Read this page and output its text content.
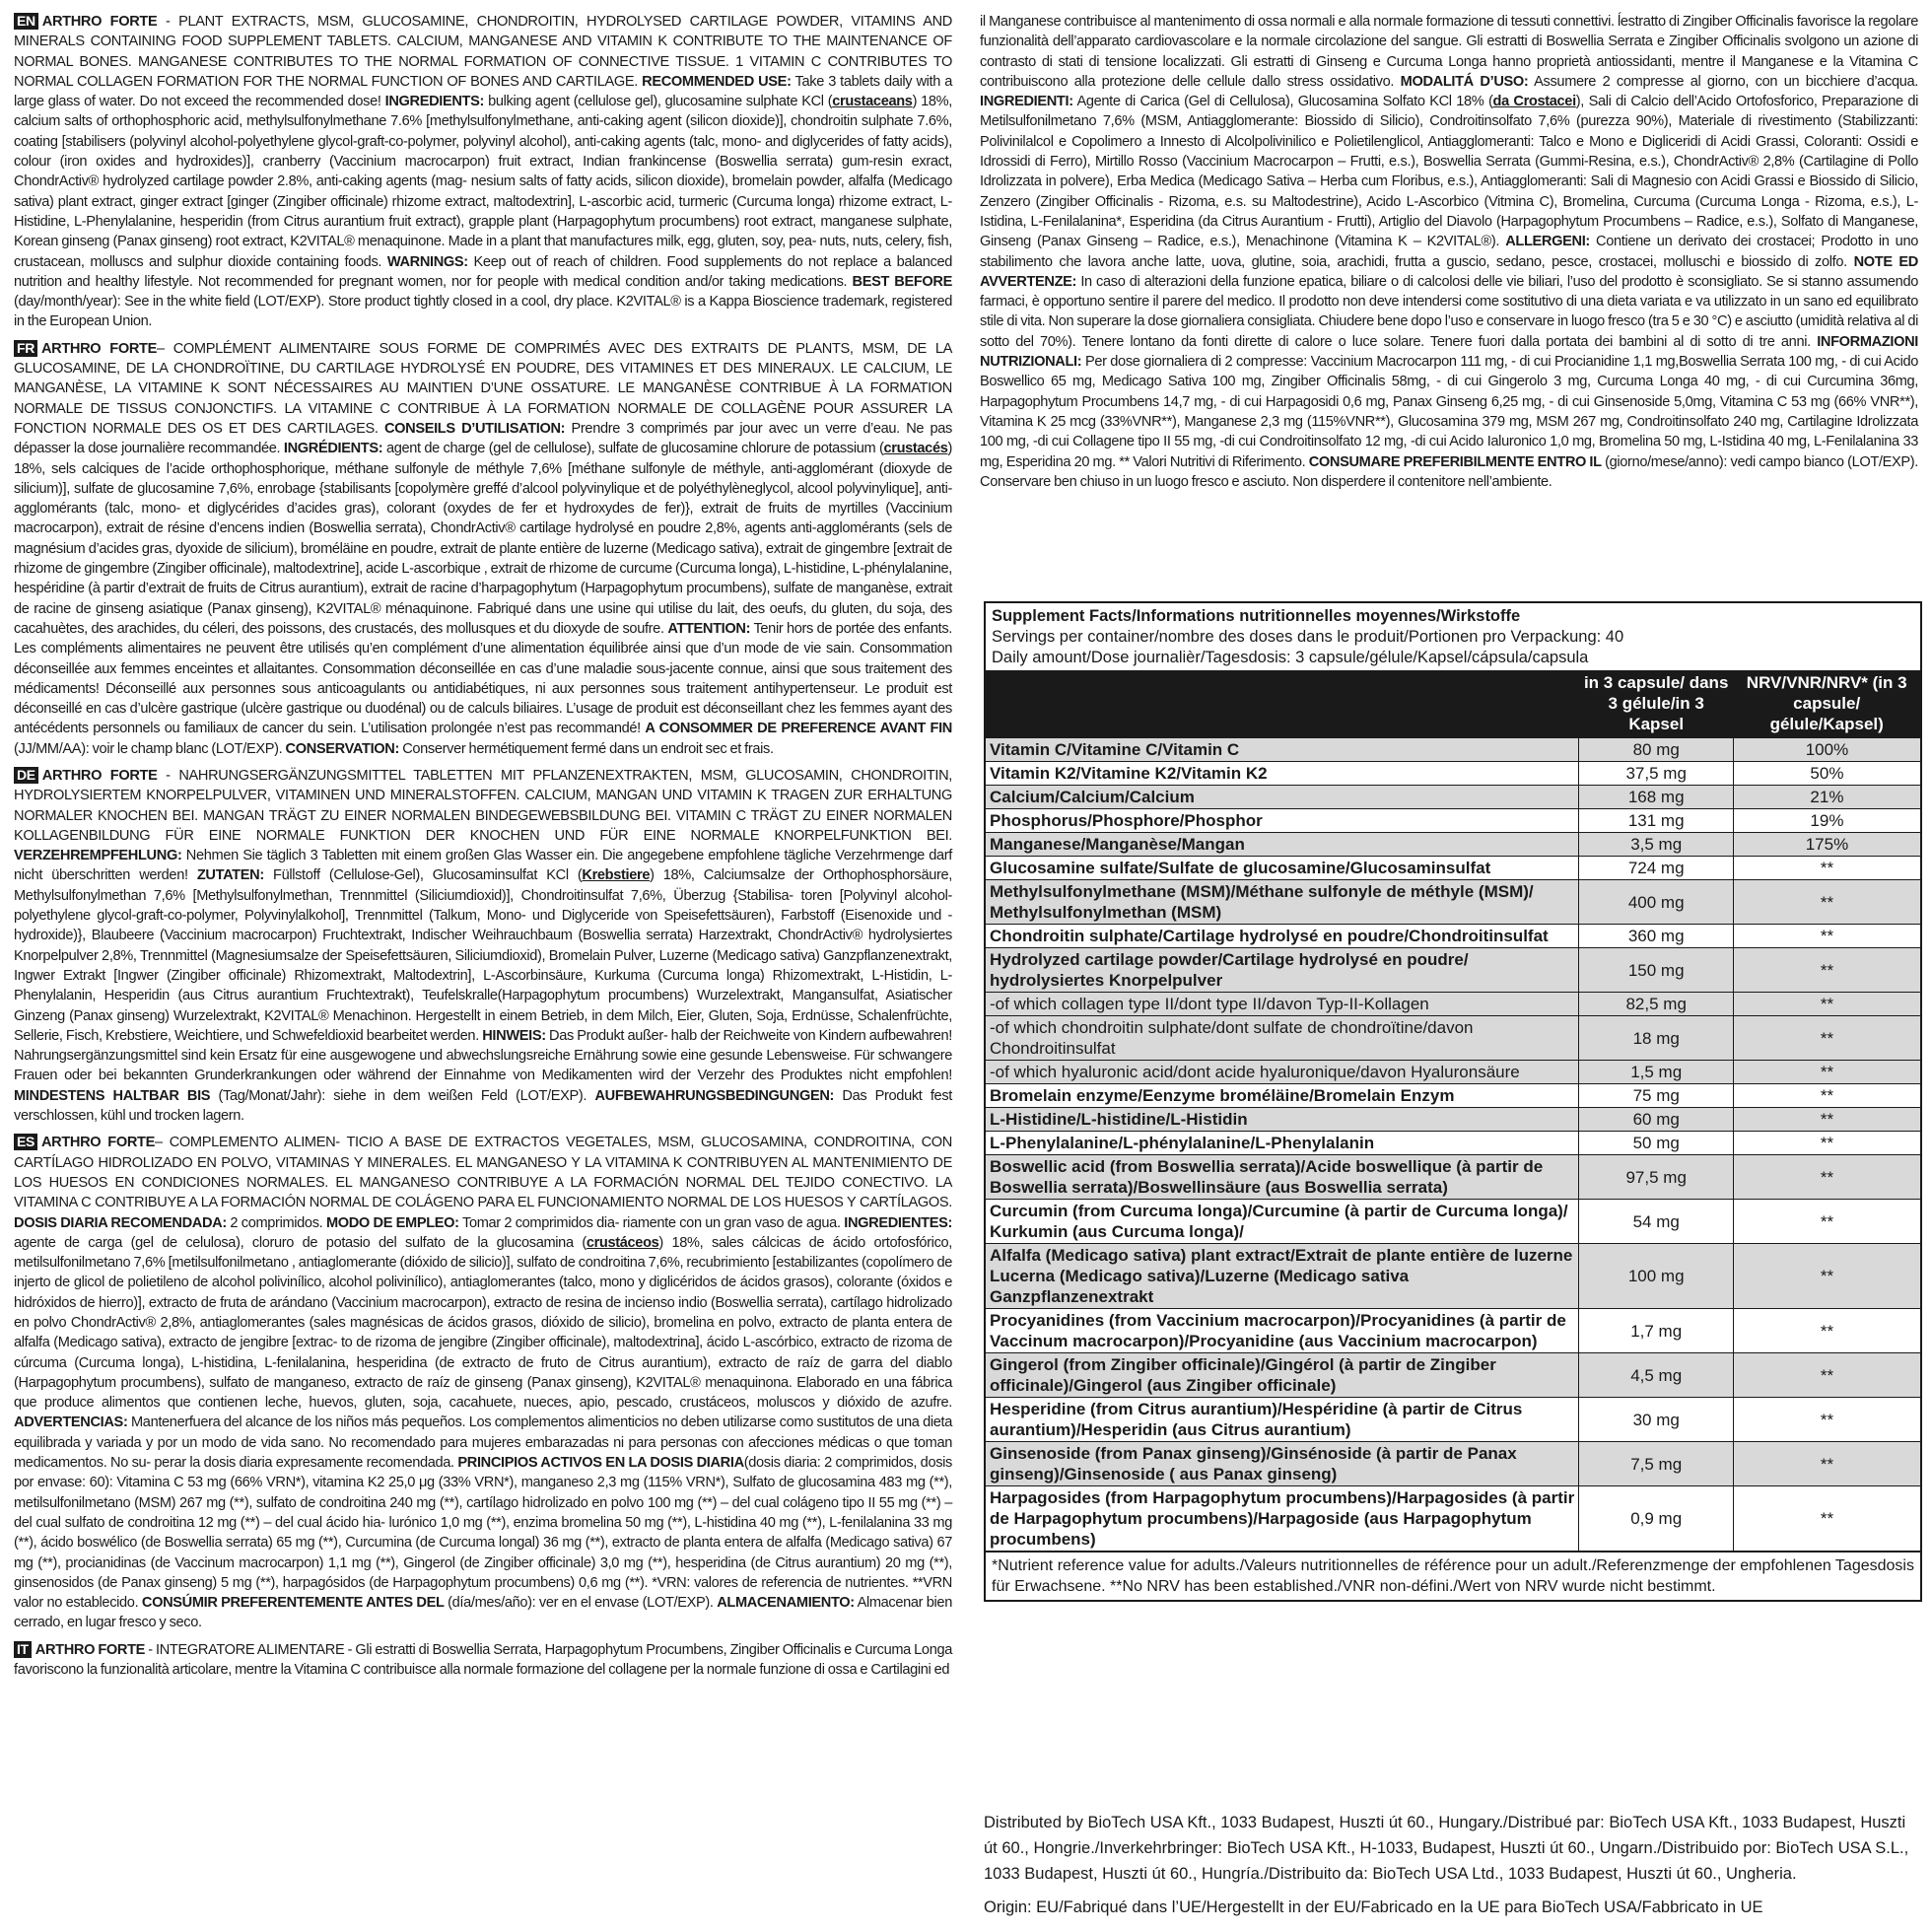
EN ARTHRO FORTE - PLANT EXTRACTS, MSM, GLUCOSAMINE, CHONDROITIN, HYDROLYSED CARTILAGE POWDER, VITAMINS AND MINERALS CONTAINING FOOD SUPPLEMENT TABLETS. CALCIUM, MANGANESE AND VITAMIN K CONTRIBUTE TO THE MAINTENANCE OF NORMAL BONES. MANGANESE CONTRIBUTES TO THE NORMAL FORMATION OF CONNECTIVE TISSUE. 1 VITAMIN C CONTRIBUTES TO NORMAL COLLAGEN FORMATION FOR THE NORMAL FUNCTION OF BONES AND CARTILAGE. RECOMMENDED USE: Take 3 tablets daily with a large glass of water. Do not exceed the recommended dose! INGREDIENTS: bulking agent (cellulose gel), glucosamine sulphate KCl (crustaceans) 18%, calcium salts of orthophosphoric acid, methylsulfonylmethane 7.6% [methylsulfonylmethane, anti-caking agent (silicon dioxide)], chondroitin sulphate 7.6%, coating [stabilisers (polyvinyl alcohol-polyethylene glycol-graft-co-polymer, polyvinyl alcohol), anti-caking agents (talc, mono- and diglycerides of fatty acids), colour (iron oxides and hydroxides)], cranberry (Vaccinium macrocarpon) fruit extract, Indian frankincense (Boswellia serrata) gum-resin exract, ChondrActiv® hydrolyzed cartilage powder 2.8%, anti-caking agents (mag- nesium salts of fatty acids, silicon dioxide), bromelain powder, alfalfa (Medicago sativa) plant extract, ginger extract [ginger (Zingiber officinale) rhizome extract, maltodextrin], L-ascorbic acid, turmeric (Curcuma longa) rhizome extract, L-Histidine, L-Phenylalanine, hesperidin (from Citrus aurantium fruit extract), grapple plant (Harpagophytum procumbens) root extract, manganese sulphate, Korean ginseng (Panax ginseng) root extract, K2VITAL® menaquinone. Made in a plant that manufactures milk, egg, gluten, soy, pea- nuts, nuts, celery, fish, crustacean, molluscs and sulphur dioxide containing foods. WARNINGS: Keep out of reach of children. Food supplements do not replace a balanced nutrition and healthy lifestyle. Not recommended for pregnant women, nor for people with medical condition and/or taking medications. BEST BEFORE (day/month/year): See in the white field (LOT/EXP). Store product tightly closed in a cool, dry place. K2VITAL® is a Kappa Bioscience trademark, registered in the European Union.

FR ARTHRO FORTE– COMPLÉMENT ALIMENTAIRE SOUS FORME DE COMPRIMÉS AVEC DES EXTRAITS DE PLANTS, MSM, DE LA GLUCOSAMINE, DE LA CHONDROÏTINE, DU CARTILAGE HYDROLYSÉ EN POUDRE, DES VITAMINES ET DES MINERAUX. LE CALCIUM, LE MANGANÈSE, LA VITAMINE K SONT NÉCESSAIRES AU MAINTIEN D’UNE OSSATURE. LE MANGANÈSE CONTRIBUE À LA FORMATION NORMALE DE TISSUS CONJONCTIFS. LA VITAMINE C CONTRIBUE À LA FORMATION NORMALE DE COLLAGÈNE POUR ASSURER LA FONCTION NORMALE DES OS ET DES CARTILAGES. CONSEILS D’UTILISATION: Prendre 3 comprimés par jour avec un verre d’eau. Ne pas dépasser la dose journalière recommandée. INGRÉDIENTS: agent de charge (gel de cellulose), sulfate de glucosamine chlorure de potassium (crustacés) 18%, sels calciques de l’acide orthophosphorique, méthane sulfonyle de méthyle 7,6% [méthane sulfonyle de méthyle, anti-agglomérant (dioxyde de silicium)], sulfate de glucosamine 7,6%, enrobage {stabilisants [copolymère greffé d’alcool polyvinylique et de polyéthylèneglycol, alcool polyvinylique], anti-agglomérants (talc, mono- et diglycérides d’acides gras), colorant (oxydes de fer et hydroxydes de fer)}, extrait de fruits de myrtilles (Vaccinium macrocarpon), extrait de résine d’encens indien (Boswellia serrata), ChondrActiv® cartilage hydrolysé en poudre 2,8%, agents anti-agglomérants (sels de magnésium d’acides gras, dyoxide de silicium), broméläine en poudre, extrait de plante entière de luzerne (Medicago sativa), extrait de gingembre [extrait de rhizome de gingembre (Zingiber officinale), maltodextrine], acide L-ascorbique , extrait de rhizome de curcume (Curcuma longa), L-histidine, L-phénylalanine, hespéridine (à partir d’extrait de fruits de Citrus aurantium), extrait de racine d’harpagophytum (Harpagophytum procumbens), sulfate de manganèse, extrait de racine de ginseng asiatique (Panax ginseng), K2VITAL® ménaquinone. Fabriqué dans une usine qui utilise du lait, des oeufs, du gluten, du soja, des cacahuètes, des arachides, du céleri, des poissons, des crustacés, des mollusques et du dioxyde de soufre. ATTENTION: Tenir hors de portée des enfants. Les compléments alimentaires ne peuvent être utilisés qu’en complément d’une alimentation équilibrée ainsi que d’un mode de vie sain. Consommation déconseillée aux femmes enceintes et allaitantes. Consommation déconseillée en cas d’une maladie sous-jacente connue, ainsi que sous traitement des médicaments! Déconseillé aux personnes sous anticoagulants ou antidiabétiques, ni aux personnes sous traitement antihypertenseur. Le produit est déconseillé en cas d’ulcère gastrique (ulcère gastrique ou duodénal) ou de calculs biliaires. L’usage de produit est déconseillant chez les femmes ayant des antécédents personnels ou familiaux de cancer du sein. L’utilisation prolongée n’est pas recommandé! A CONSOMMER DE PREFERENCE AVANT FIN (JJ/MM/AA): voir le champ blanc (LOT/EXP). CONSERVATION: Conserver hermétiquement fermé dans un endroit sec et frais.

DE ARTHRO FORTE - NAHRUNGSERGÄNZUNGSMITTEL TABLETTEN MIT PFLANZENEXTRAKTEN, MSM, GLUCOSAMIN, CHONDROITIN, HYDROLYSIERTEM KNORPELPULVER, VITAMINEN UND MINERALSTOFFEN. CALCIUM, MANGAN UND VITAMIN K TRAGEN ZUR ERHALTUNG NORMALER KNOCHEN BEI. MANGAN TRÄGT ZU EINER NORMALEN BINDEGEWEBSBILDUNG BEI. VITAMIN C TRÄGT ZU EINER NORMALEN KOLLAGENBILDUNG FÜR EINE NORMALE FUNKTION DER KNOCHEN UND FÜR EINE NORMALE KNORPELFUNKTION BEI. VERZEHREMPFEHLUNG: Nehmen Sie täglich 3 Tabletten mit einem großen Glas Wasser ein. Die angegebene empfohlene tägliche Verzehrmenge darf nicht überschritten werden! ZUTATEN: Füllstoff (Cellulose-Gel), Glucosaminsulfat KCl (Krebstiere) 18%, Calciumsalze der Orthophosphorsäure, Methylsulfonylmethan 7,6% [Methylsulfonylmethan, Trennmittel (Siliciumdioxid)], Chondroitinsulfat 7,6%, Überzug {Stabilisa- toren [Polyvinyl alcohol-polyethylene glycol-graft-co-polymer, Polyvinylalkohol], Trennmittel (Talkum, Mono- und Diglyceride von Speisefettsäuren), Farbstoff (Eisenoxide und -hydroxide)}, Blaubeere (Vaccinium macrocarpon) Fruchtextrakt, Indischer Weihrauchbaum (Boswellia serrata) Harzextrakt, ChondrActiv® hydrolysiertes Knorpelpulver 2,8%, Trennmittel (Magnesiumsalze der Speisefettsäuren, Siliciumdioxid), Bromelain Pulver, Luzerne (Medicago sativa) Ganzpflanzenextrakt, Ingwer Extrakt [Ingwer (Zingiber officinale) Rhizomextrakt, Maltodextrin], L-Ascorbinsäure, Kurkuma (Curcuma longa) Rhizomextrakt, L-Histidin, L-Phenylalanin, Hesperidin (aus Citrus aurantium Fruchtextrakt), Teufelskralle(Harpagophytum procumbens) Wurzelextrakt, Mangansulfat, Asiatischer Ginzeng (Panax ginseng) Wurzelextrakt, K2VITAL® Menachinon. Hergestellt in einem Betrieb, in dem Milch, Eier, Gluten, Soja, Erdnüsse, Schalenfrüchte, Sellerie, Fisch, Krebstiere, Weichtiere, und Schwefeldioxid bearbeitet werden. HINWEIS: Das Produkt außer- halb der Reichweite von Kindern aufbewahren! Nahrungsergänzungsmittel sind kein Ersatz für eine ausgewogene und abwechslungsreiche Ernährung sowie eine gesunde Lebensweise. Für schwangere Frauen oder bei bekannten Grunderkrankungen oder während der Einnahme von Medikamenten wird der Verzehr des Produktes nicht empfohlen! MINDESTENS HALTBAR BIS (Tag/Monat/Jahr): siehe in dem weißen Feld (LOT/EXP). AUFBEWAHRUNGSBEDINGUNGEN: Das Produkt fest verschlossen, kühl und trocken lagern.

ES ARTHRO FORTE– COMPLEMENTO ALIMEN- TICIO A BASE DE EXTRACTOS VEGETALES, MSM, GLUCOSAMINA, CONDROITINA, CON CARTÍLAGO HIDROLIZADO EN POLVO, VITAMINAS Y MINERALES. EL MANGANESO Y LA VITAMINA K CONTRIBUYEN AL MANTENIMIENTO DE LOS HUESOS EN CONDICIONES NORMALES. EL MANGANESO CONTRIBUYE A LA FORMACIÓN NORMAL DEL TEJIDO CONECTIVO. LA VITAMINA C CONTRIBUYE A LA FORMACIÓN NORMAL DE COLÁGENO PARA EL FUNCIONAMIENTO NORMAL DE LOS HUESOS Y CARTÍLAGOS. DOSIS DIARIA RECOMENDADA: 2 comprimidos. MODO DE EMPLEO: Tomar 2 comprimidos dia- riamente con un gran vaso de agua. INGREDIENTES: agente de carga (gel de celulosa), cloruro de potasio del sulfato de la glucosamina (crustáceos) 18%, sales cálcicas de ácido ortofosfórico, metilsulfonilmetano 7,6% [metilsulfonilmetano , antiaglomerante (dióxido de silicio)], sulfato de condroitina 7,6%, recubrimiento [estabilizantes (copolímero de injerto de glicol de polietileno de alcohol polivinílico, alcohol polivinílico), antiaglomerantes (talco, mono y diglicéridos de ácidos grasos), colorante (óxidos e hidróxidos de hierro)], extracto de fruta de arándano (Vaccinium macrocarpon), extracto de resina de incienso indio (Boswellia serrata), cartílago hidrolizado en polvo ChondrActiv® 2,8%, antiaglomerantes (sales magnésicas de ácidos grasos, dióxido de silicio), bromelina en polvo, extracto de planta entera de alfalfa (Medicago sativa), extracto de jengibre [extrac- to de rizoma de jengibre (Zingiber officinale), maltodextrina], ácido L-ascórbico, extracto de rizoma de cúrcuma (Curcuma longa), L-histidina, L-fenilalanina, hesperidina (de extracto de fruto de Citrus aurantium), extracto de raíz de garra del diablo (Harpagophytum procumbens), sulfato de manganeso, extracto de raíz de ginseng (Panax ginseng), K2VITAL® menaquinona. Elaborado en una fábrica que produce alimentos que contienen leche, huevos, gluten, soja, cacahuete, nueces, apio, pescado, crustáceos, moluscos y dióxido de azufre. ADVERTENCIAS: Mantenerfuera del alcance de los niños más pequeños. Los complementos alimenticios no deben utilizarse como sustitutos de una dieta equilibrada y variada y por un modo de vida sano. No recomendado para mujeres embarazadas ni para personas con afecciones médicas o que toman medicamentos. No su- perar la dosis diaria expresamente recomendada. PRINCIPIOS ACTIVOS EN LA DOSIS DIARIA(dosis diaria: 2 comprimidos, dosis por envase: 60): Vitamina C 53 mg (66% VRN*), vitamina K2 25,0 μg (33% VRN*), manganeso 2,3 mg (115% VRN*), Sulfato de glucosamina 483 mg (**), metilsulfonilmetano (MSM) 267 mg (**), sulfato de condroitina 240 mg (**), cartílago hidrolizado en polvo 100 mg (**) – del cual colágeno tipo II 55 mg (**) – del cual sulfato de condroitina 12 mg (**) – del cual ácido hia- lurónico 1,0 mg (**), enzima bromelina 50 mg (**), L-histidina 40 mg (**), L-fenilalanina 33 mg (**), ácido boswélico (de Boswellia serrata) 65 mg (**), Curcumina (de Curcuma longal) 36 mg (**), extracto de planta entera de alfalfa (Medicago sativa) 67 mg (**), procianidinas (de Vaccinum macrocarpon) 1,1 mg (**), Gingerol (de Zingiber officinale) 3,0 mg (**), hesperidina (de Citrus aurantium) 20 mg (**), ginsenosidos (de Panax ginseng) 5 mg (**), harpagósidos (de Harpagophytum procumbens) 0,6 mg (**). *VRN: valores de referencia de nutrientes. **VRN valor no establecido. CONSÚMIR PREFERENTEMENTE ANTES DEL (día/mes/año): ver en el envase (LOT/EXP). ALMACENAMIENTO: Almacenar bien cerrado, en lugar fresco y seco.

IT ARTHRO FORTE - INTEGRATORE ALIMENTARE - Gli estratti di Boswellia Serrata, Harpagophytum Procumbens, Zingiber Officinalis e Curcuma Longa favoriscono la funzionalità articolare, mentre la Vitamina C contribuisce alla normale formazione del collagene per la normale funzione di ossa e Cartilagini ed

il Manganese contribuisce al mantenimento di ossa normali e alla normale formazione di tessuti connettivi. ĺestratto di Zingiber Officinalis favorisce la regolare funzionalità dell’apparato cardiovascolare e la normale circolazione del sangue. Gli estratti di Boswellia Serrata e Zingiber Officinalis svolgono un azione di contrasto di stati di tensione localizzati. Gli estratti di Ginseng e Curcuma Longa hanno proprietà antiossidanti, mentre il Manganese e la Vitamina C contribuiscono alla protezione delle cellule dallo stress ossidativo. MODALITÁ D’USO: Assumere 2 compresse al giorno, con un bicchiere d’acqua. INGREDIENTI: Agente di Carica (Gel di Cellulosa), Glucosamina Solfato KCl 18% (da Crostacei), Sali di Calcio dell’Acido Ortofosforico, Preparazione di Metilsulfonilmetano 7,6% (MSM, Antiagglomerante: Biossido di Silicio), Condroitinsolfato 7,6% (purezza 90%), Materiale di rivestimento (Stabilizzanti: Polivinilalcol e Copolimero a Innesto di Alcolpolivinilico e Polietilenglicol, Antiagglomeranti: Talco e Mono e Digliceridi di Acidi Grassi, Coloranti: Ossidi e Idrossidi di Ferro), Mirtillo Rosso (Vaccinium Macrocarpon – Frutti, e.s.), Boswellia Serrata (Gummi-Resina, e.s.), ChondrActiv® 2,8% (Cartilagine di Pollo Idrolizzata in polvere), Erba Medica (Medicago Sativa – Herba cum Floribus, e.s.), Antiagglomeranti: Sali di Magnesio con Acidi Grassi e Biossido di Silicio, Zenzero (Zingiber Officinalis - Rizoma, e.s. su Maltodestrine), Acido L-Ascorbico (Vitmina C), Bromelina, Curcuma (Curcuma Longa - Rizoma, e.s.), L-Istidina, L-Fenilalanina*, Esperidina (da Citrus Aurantium - Frutti), Artiglio del Diavolo (Harpagophytum Procumbens – Radice, e.s.), Solfato di Manganese, Ginseng (Panax Ginseng – Radice, e.s.), Menachinone (Vitamina K – K2VITAL®). ALLERGENI: Contiene un derivato dei crostacei; Prodotto in uno stabilimento che lavora anche latte, uova, glutine, soia, arachidi, frutta a guscio, sedano, pesce, crostacei, molluschi e biossido di zolfo. NOTE ED AVVERTENZE: In caso di alterazioni della funzione epatica, biliare o di calcolosi delle vie biliari, l’uso del prodotto è sconsigliato. Se si stanno assumendo farmaci, è opportuno sentire il parere del medico. Il prodotto non deve intendersi come sostitutivo di una dieta variata e va utilizzato in un sano ed equilibrato stile di vita. Non superare la dose giornaliera consigliata. Chiudere bene dopo l’uso e conservare in luogo fresco (tra 5 e 30 °C) e asciutto (umidità relativa al di sotto del 70%). Tenere lontano da fonti dirette di calore o luce solare. Tenere fuori dalla portata dei bambini al di sotto di tre anni. INFORMAZIONI NUTRIZIONALI: Per dose giornaliera di 2 compresse: Vaccinium Macrocarpon 111 mg, - di cui Procianidine 1,1 mg,Boswellia Serrata 100 mg, - di cui Acido Boswellico 65 mg, Medicago Sativa 100 mg, Zingiber Officinalis 58mg, - di cui Gingerolo 3 mg, Curcuma Longa 40 mg, - di cui Curcumina 36mg, Harpagophytum Procumbens 14,7 mg, - di cui Harpagosidi 0,6 mg, Panax Ginseng 6,25 mg, - di cui Ginsenoside 5,0mg, Vitamina C 53 mg (66% VNR**), Vitamina K 25 mcg (33%VNR**), Manganese 2,3 mg (115%VNR**), Glucosamina 379 mg, MSM 267 mg, Condroitinsolfato 240 mg, Cartilagine Idrolizzata 100 mg, -di cui Collagene tipo II 55 mg, -di cui Condroitinsolfato 12 mg, -di cui Acido Ialuronico 1,0 mg, Bromelina 50 mg, L-Istidina 40 mg, L-Fenilalanina 33 mg, Esperidina 20 mg. ** Valori Nutritivi di Riferimento. CONSUMARE PREFERIBILMENTE ENTRO IL (giorno/mese/anno): vedi campo bianco (LOT/EXP). Conservare ben chiuso in un luogo fresco e asciuto. Non disperdere il contenitore nell’ambiente.

Supplement Facts/Informations nutritionnelles moyennes/Wirkstoffe
Servings per container/nombre des doses dans le produit/Portionen pro Verpackung: 40
Daily amount/Dose journalièr/Tagesdosis: 3 capsule/gélule/Kapsel/cápsula/capsula
	in 3 capsule/ dans 3 gélule/in 3 Kapsel	NRV/VNR/NRV* (in 3 capsule/ gélule/Kapsel)
Vitamin C/Vitamine C/Vitamin C	80 mg	100%
Vitamin K2/Vitamine K2/Vitamin K2	37,5 mg	50%
Calcium/Calcium/Calcium	168 mg	21%
Phosphorus/Phosphore/Phosphor	131 mg	19%
Manganese/Manganèse/Mangan	3,5 mg	175%
Glucosamine sulfate/Sulfate de glucosamine/Glucosaminsulfat	724 mg	**
Methylsulfonylmethane (MSM)/Méthane sulfonyle de méthyle (MSM)/ Methylsulfonylmethan (MSM)	400 mg	**
Chondroitin sulphate/Cartilage hydrolysé en poudre/Chondroitinsulfat	360 mg	**
Hydrolyzed cartilage powder/Cartilage hydrolysé en poudre/ hydrolysiertes Knorpelpulver	150 mg	**
-of which collagen type II/dont type II/davon Typ-II-Kollagen	82,5 mg	**
-of which chondroitin sulphate/dont sulfate de chondroïtine/davon Chondroitinsulfat	18 mg	**
-of which hyaluronic acid/dont acide hyaluronique/davon Hyaluronsäure	1,5 mg	**
Bromelain enzyme/Eenzyme broméläine/Bromelain Enzym	75 mg	**
L-Histidine/L-histidine/L-Histidin	60 mg	**
L-Phenylalanine/L-phénylalanine/L-Phenylalanin	50 mg	**
Boswellic acid (from Boswellia serrata)/Acide boswellique (à partir de Boswellia serrata)/Boswellinsäure (aus Boswellia serrata)	97,5 mg	**
Curcumin (from Curcuma longa)/Curcumine (à partir de Curcuma longa)/ Kurkumin (aus Curcuma longa)/	54 mg	**
Alfalfa (Medicago sativa) plant extract/Extrait de plante entière de luzerne Lucerna (Medicago sativa)/Luzerne (Medicago sativa Ganzpflanzenextrakt	100 mg	**
Procyanidines (from Vaccinium macrocarpon)/Procyanidines (à partir de Vaccinum macrocarpon)/Procyanidine (aus Vaccinium macrocarpon)	1,7 mg	**
Gingerol (from Zingiber officinale)/Gingérol (à partir de Zingiber officinale)/Gingerol (aus Zingiber officinale)	4,5 mg	**
Hesperidine (from Citrus aurantium)/Hespéridine (à partir de Citrus aurantium)/Hesperidin (aus Citrus aurantium)	30 mg	**
Ginsenoside (from Panax ginseng)/Ginsénoside (à partir de Panax ginseng)/Ginsenoside ( aus Panax ginseng)	7,5 mg	**
Harpagosides (from Harpagophytum procumbens)/Harpagosides (à partir de Harpagophytum procumbens)/Harpagoside (aus Harpagophytum procumbens)	0,9 mg	**
*Nutrient reference value for adults./Valeurs nutritionnelles de référence pour un adult./Referenzmenge der empfohlenen Tagesdosis für Erwachsene. **No NRV has been established./VNR non-défini./Wert von NRV wurde nicht bestimmt.
Distributed by BioTech USA Kft., 1033 Budapest, Huszti út 60., Hungary./Distribué par: BioTech USA Kft., 1033 Budapest, Huszti út 60., Hongrie./Inverkehrbringer: BioTech USA Kft., H-1033, Budapest, Huszti út 60., Ungarn./Distribuido por: BioTech USA S.L., 1033 Budapest, Huszti út 60., Hungría./Distribuito da: BioTech USA Ltd., 1033 Budapest, Huszti út 60., Ungheria.
Origin: EU/Fabriqué dans l’UE/Hergestellt in der EU/Fabricado en la UE para BioTech USA/Fabbricato in UE
